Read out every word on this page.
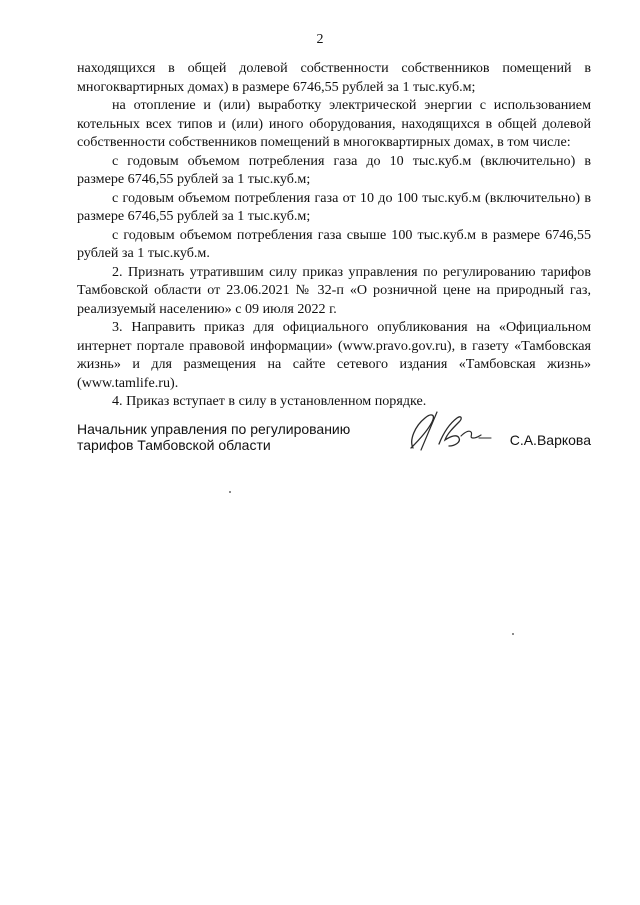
2

находящихся в общей долевой собственности собственников помещений в многоквартирных домах) в размере 6746,55 рублей за 1 тыс.куб.м;

на отопление и (или) выработку электрической энергии с использованием котельных всех типов и (или) иного оборудования, находящихся в общей долевой собственности собственников помещений в многоквартирных домах, в том числе:

с годовым объемом потребления газа до 10 тыс.куб.м (включительно) в размере 6746,55 рублей за 1 тыс.куб.м;

с годовым объемом потребления газа от 10 до 100 тыс.куб.м (включительно) в размере 6746,55 рублей за 1 тыс.куб.м;

с годовым объемом потребления газа свыше 100 тыс.куб.м в размере 6746,55 рублей за 1 тыс.куб.м.

2. Признать утратившим силу приказ управления по регулированию тарифов Тамбовской области от 23.06.2021 № 32-п «О розничной цене на природный газ, реализуемый населению» с 09 июля 2022 г.

3. Направить приказ для официального опубликования на «Официальном интернет портале правовой информации» (www.pravo.gov.ru), в газету «Тамбовская жизнь» и для размещения на сайте сетевого издания «Тамбовская жизнь» (www.tamlife.ru).

4. Приказ вступает в силу в установленном порядке.

Начальник управления по регулированию
тарифов Тамбовской области	С.А.Варкова
